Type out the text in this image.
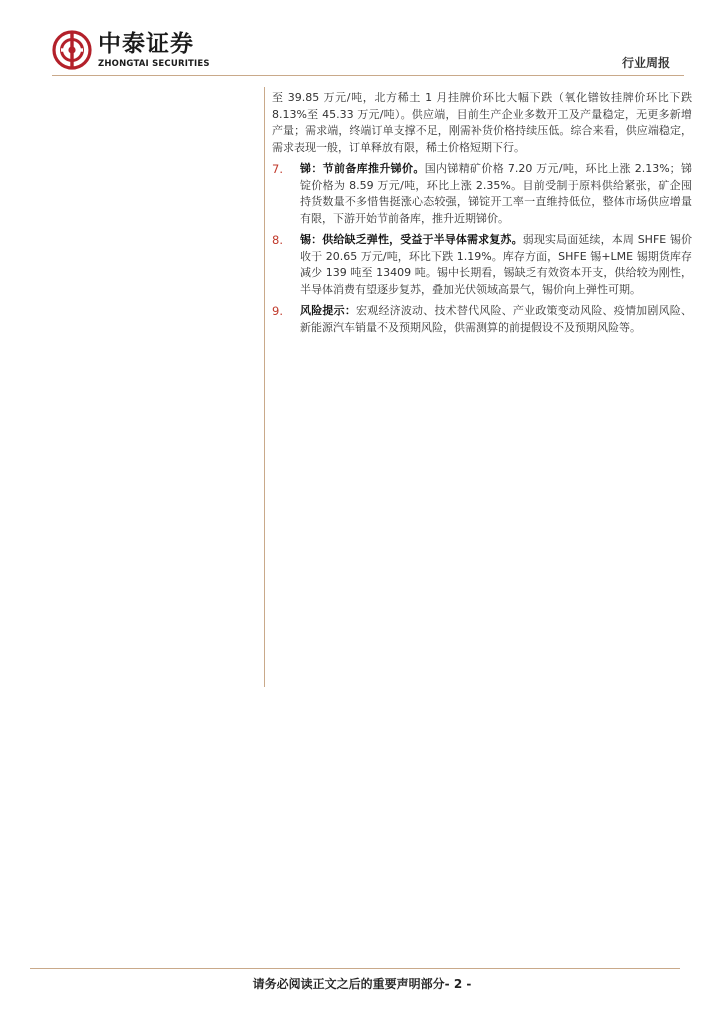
中泰证券
ZHONGTAI SECURITIES	行业周报

至 39.85 万元/吨，北方稀土 1 月挂牌价环比大幅下跌（氧化镨钕挂牌价环比下跌 8.13%至 45.33 万元/吨）。供应端，目前生产企业多数开工及产量稳定，无更多新增产量；需求端，终端订单支撑不足，刚需补货价格持续压低。综合来看，供应端稳定，需求表现一般，订单释放有限，稀土价格短期下行。

7.	锑：节前备库推升锑价。国内锑精矿价格 7.20 万元/吨，环比上涨 2.13%；锑锭价格为 8.59 万元/吨，环比上涨 2.35%。目前受制于原料供给紧张，矿企囤持货数量不多惜售挺涨心态较强，锑锭开工率一直维持低位，整体市场供应增量有限，下游开始节前备库，推升近期锑价。
8.	锡：供给缺乏弹性，受益于半导体需求复苏。弱现实局面延续，本周 SHFE 锡价收于 20.65 万元/吨，环比下跌 1.19%。库存方面，SHFE 锡+LME 锡期货库存减少 139 吨至 13409 吨。锡中长期看，锡缺乏有效资本开支，供给较为刚性，半导体消费有望逐步复苏，叠加光伏领域高景气，锡价向上弹性可期。
9.	风险提示：宏观经济波动、技术替代风险、产业政策变动风险、疫情加剧风险、新能源汽车销量不及预期风险，供需测算的前提假设不及预期风险等。
请务必阅读正文之后的重要声明部分- 2 -
